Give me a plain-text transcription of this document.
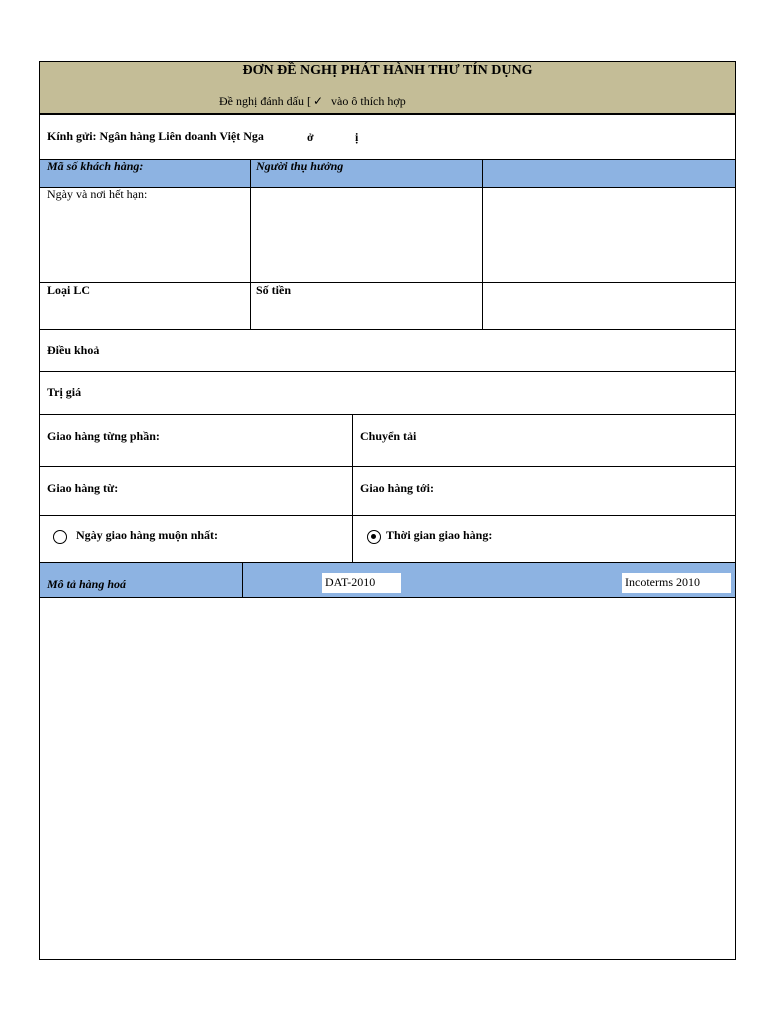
ĐƠN ĐỀ NGHỊ PHÁT HÀNH THƯ TÍN DỤNG
Đề nghị đánh dấu [ ✓ vào ô thích hợp
Kính gửi: Ngân hàng Liên doanh Việt Nga	ở	ị
Mã số khách hàng:	Người thụ hưởng
Ngày và nơi hết hạn:
Loại LC	Số tiền
Điều khoả
Trị giá
Giao hàng từng phần:	Chuyển tải
Giao hàng từ:	Giao hàng tới:
Ngày giao hàng muộn nhất:	Thời gian giao hàng:
Mô tả hàng hoá	DAT-2010	Incoterms 2010
